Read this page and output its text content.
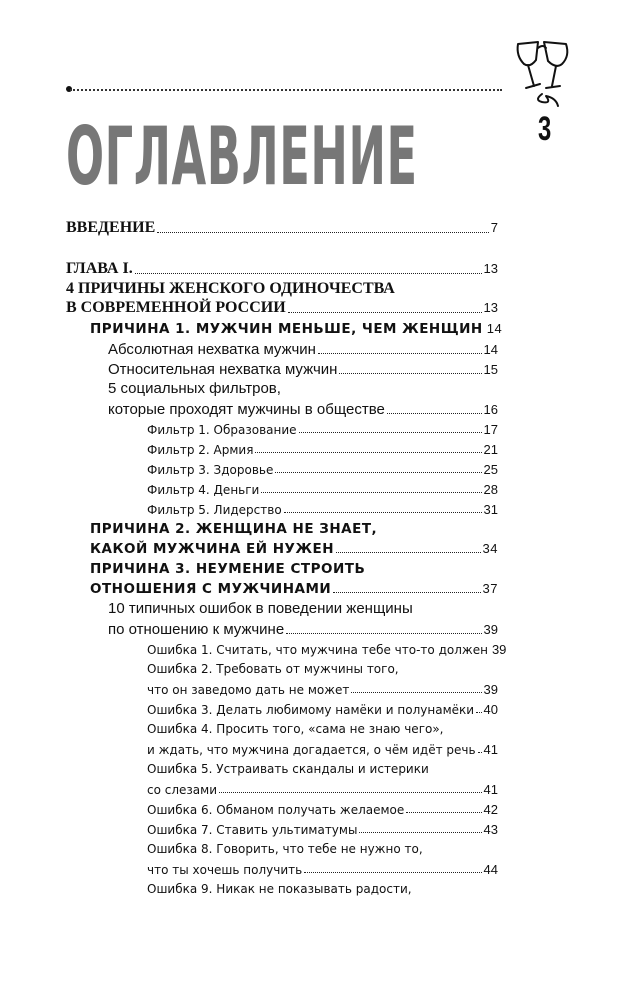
3
ОГЛАВЛЕНИЕ
ВВЕДЕНИЕ	7
ГЛАВА I.	13
4 ПРИЧИНЫ ЖЕНСКОГО ОДИНОЧЕСТВА
В СОВРЕМЕННОЙ РОССИИ	13
ПРИЧИНА 1. МУЖЧИН МЕНЬШЕ, ЧЕМ ЖЕНЩИН 14
Абсолютная нехватка мужчин	14
Относительная нехватка мужчин	15
5 социальных фильтров,
которые проходят мужчины в обществе	16
Фильтр 1. Образование	17
Фильтр 2. Армия	21
Фильтр 3. Здоровье	25
Фильтр 4. Деньги	28
Фильтр 5. Лидерство	31
ПРИЧИНА 2. ЖЕНЩИНА НЕ ЗНАЕТ,
КАКОЙ МУЖЧИНА ЕЙ НУЖЕН	34
ПРИЧИНА 3. НЕУМЕНИЕ СТРОИТЬ
ОТНОШЕНИЯ С МУЖЧИНАМИ	37
10 типичных ошибок в поведении женщины
по отношению к мужчине	39
Ошибка 1. Считать, что мужчина тебе что-то должен 39
Ошибка 2. Требовать от мужчины того,
что он заведомо дать не может	39
Ошибка 3. Делать любимому намёки и полунамёки 40
Ошибка 4. Просить того, «сама не знаю чего»,
и ждать, что мужчина догадается, о чём идёт речь 41
Ошибка 5. Устраивать скандалы и истерики
со слезами	41
Ошибка 6. Обманом получать желаемое	42
Ошибка 7. Ставить ультиматумы	43
Ошибка 8. Говорить, что тебе не нужно то,
что ты хочешь получить	44
Ошибка 9. Никак не показывать радости,
